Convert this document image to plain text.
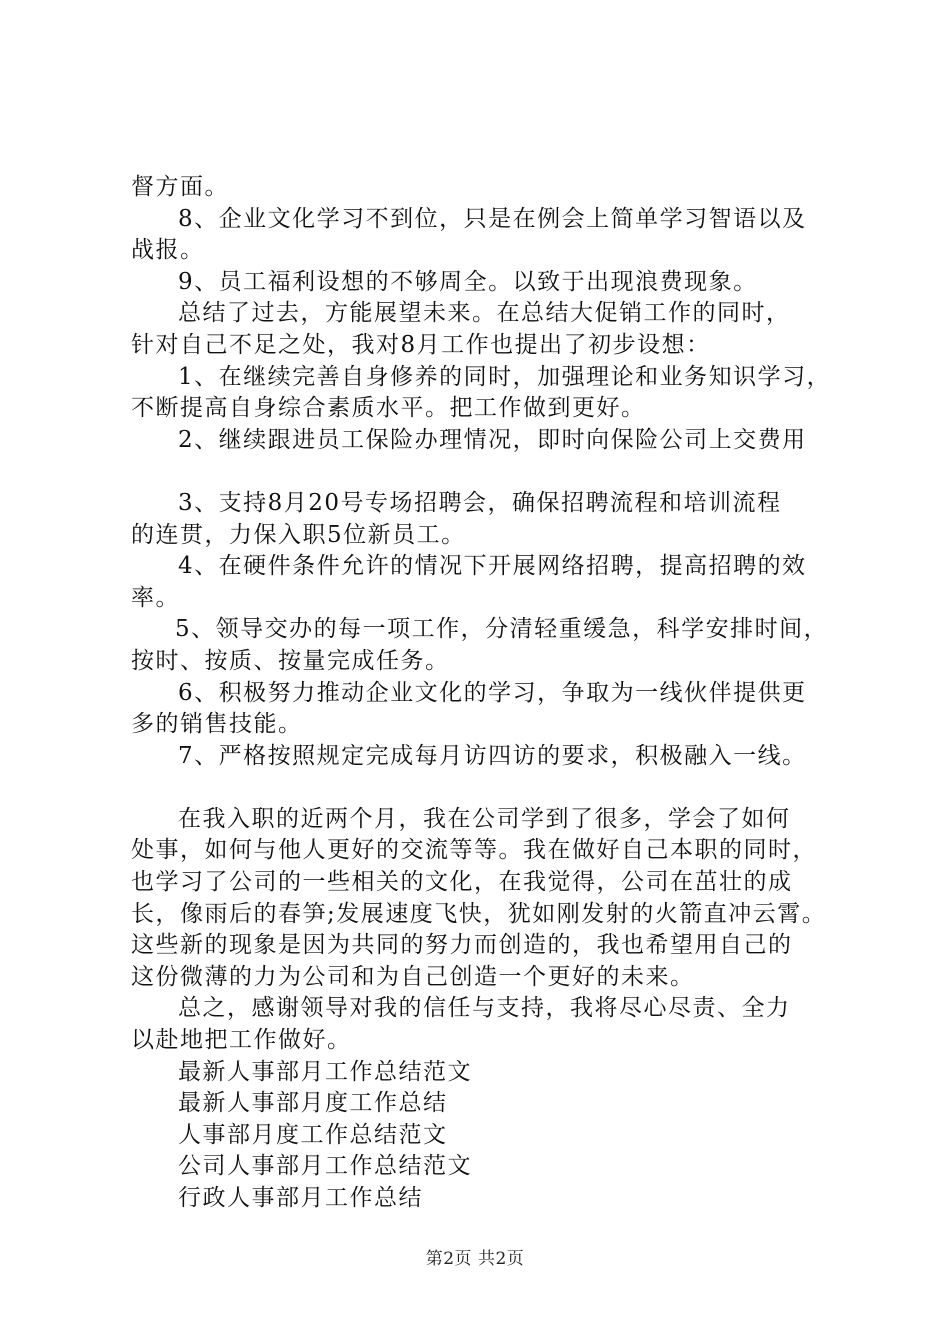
督方面。
8、企业文化学习不到位，只是在例会上简单学习智语以及
战报。
9、员工福利设想的不够周全。以致于出现浪费现象。
总结了过去，方能展望未来。在总结大促销工作的同时，
针对自己不足之处，我对8月工作也提出了初步设想：
1、在继续完善自身修养的同时，加强理论和业务知识学习，
不断提高自身综合素质水平。把工作做到更好。
2、继续跟进员工保险办理情况，即时向保险公司上交费用
3、支持8月20号专场招聘会，确保招聘流程和培训流程
的连贯，力保入职5位新员工。
4、在硬件条件允许的情况下开展网络招聘，提高招聘的效
率。
5、领导交办的每一项工作，分清轻重缓急，科学安排时间，
按时、按质、按量完成任务。
6、积极努力推动企业文化的学习，争取为一线伙伴提供更
多的销售技能。
7、严格按照规定完成每月访四访的要求，积极融入一线。
在我入职的近两个月，我在公司学到了很多，学会了如何
处事，如何与他人更好的交流等等。我在做好自己本职的同时，
也学习了公司的一些相关的文化，在我觉得，公司在茁壮的成
长，像雨后的春笋;发展速度飞快，犹如刚发射的火箭直冲云霄。
这些新的现象是因为共同的努力而创造的，我也希望用自己的
这份微薄的力为公司和为自己创造一个更好的未来。
总之，感谢领导对我的信任与支持，我将尽心尽责、全力
以赴地把工作做好。
最新人事部月工作总结范文
最新人事部月度工作总结
人事部月度工作总结范文
公司人事部月工作总结范文
行政人事部月工作总结
第2页 共2页
